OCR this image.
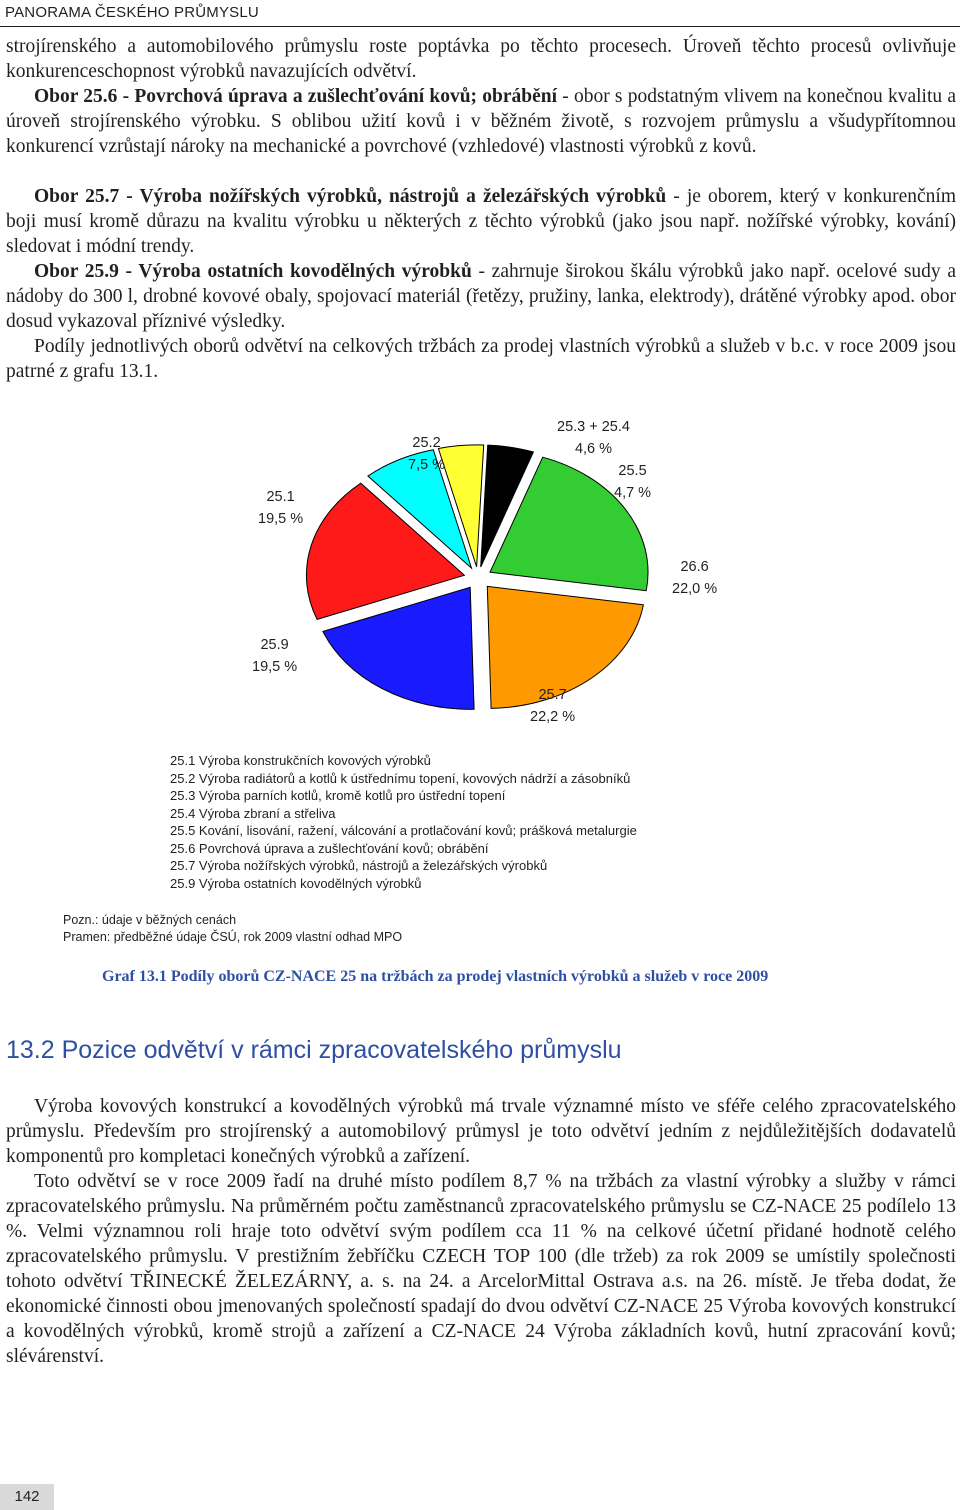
PANORAMA ČESKÉHO PRŮMYSLU
strojírenského a automobilového průmyslu roste poptávka po těchto procesech. Úroveň těchto procesů ovlivňuje konkurenceschopnost výrobků navazujících odvětví.
Obor 25.6 - Povrchová úprava a zušlechťování kovů; obrábění - obor s podstatným vlivem na konečnou kvalitu a úroveň strojírenského výrobku. S oblibou užití kovů i v běžném životě, s rozvojem průmyslu a všudypřítomnou konkurencí vzrůstají nároky na mechanické a povrchové (vzhledové) vlastnosti výrobků z kovů.
Obor 25.7 - Výroba nožířských výrobků, nástrojů a železářských výrobků - je oborem, který v konkurenčním boji musí kromě důrazu na kvalitu výrobku u některých z těchto výrobků (jako jsou např. nožířské výrobky, kování) sledovat i módní trendy.
Obor 25.9 - Výroba ostatních kovodělných výrobků - zahrnuje širokou škálu výrobků jako např. ocelové sudy a nádoby do 300 l, drobné kovové obaly, spojovací materiál (řetězy, pružiny, lanka, elektrody), drátěné výrobky apod. obor dosud vykazoval příznivé výsledky.
Podíly jednotlivých oborů odvětví na celkových tržbách za prodej vlastních výrobků a služeb v b.c. v roce 2009 jsou patrné z grafu 13.1.
25.2
7,5 %
25.3 + 25.4
4,6 %
25.5
4,7 %
26.6
22,0 %
25.7
22,2 %
25.9
19,5 %
25.1
19,5 %
25.1 Výroba konstrukčních kovových výrobků
25.2 Výroba radiátorů a kotlů k ústřednímu topení, kovových nádrží a zásobníků
25.3 Výroba parních kotlů, kromě kotlů pro ústřední topení
25.4 Výroba zbraní a střeliva
25.5 Kování, lisování, ražení, válcování a protlačování kovů; prášková metalurgie
25.6 Povrchová úprava a zušlechťování kovů; obrábění
25.7 Výroba nožířských výrobků, nástrojů a železářských výrobků
25.9 Výroba ostatních kovodělných výrobků
Pozn.: údaje v běžných cenách
Pramen: předběžné údaje ČSÚ, rok 2009 vlastní odhad MPO
Graf 13.1 Podíly oborů CZ-NACE 25 na tržbách za prodej vlastních výrobků a služeb v roce 2009
13.2 Pozice odvětví v rámci zpracovatelského průmyslu
Výroba kovových konstrukcí a kovodělných výrobků má trvale významné místo ve sféře celého zpracovatelského průmyslu. Především pro strojírenský a automobilový průmysl je toto odvětví jedním z nejdůležitějších dodavatelů komponentů pro kompletaci konečných výrobků a zařízení.
Toto odvětví se v roce 2009 řadí na druhé místo podílem 8,7 % na tržbách za vlastní výrobky a služby v rámci zpracovatelského průmyslu. Na průměrném počtu zaměstnanců zpracovatelského průmyslu se CZ-NACE 25 podílelo 13 %. Velmi významnou roli hraje toto odvětví svým podílem cca 11 % na celkové účetní přidané hodnotě celého zpracovatelského průmyslu. V prestižním žebříčku CZECH TOP 100 (dle tržeb) za rok 2009 se umístily společnosti tohoto odvětví TŘINECKÉ ŽELEZÁRNY, a. s. na 24. a ArcelorMittal Ostrava a.s. na 26. místě. Je třeba dodat, že ekonomické činnosti obou jmenovaných společností spadají do dvou odvětví CZ-NACE 25 Výroba kovových konstrukcí a kovodělných výrobků, kromě strojů a zařízení a CZ-NACE 24 Výroba základních kovů, hutní zpracování kovů; slévárenství.
142
